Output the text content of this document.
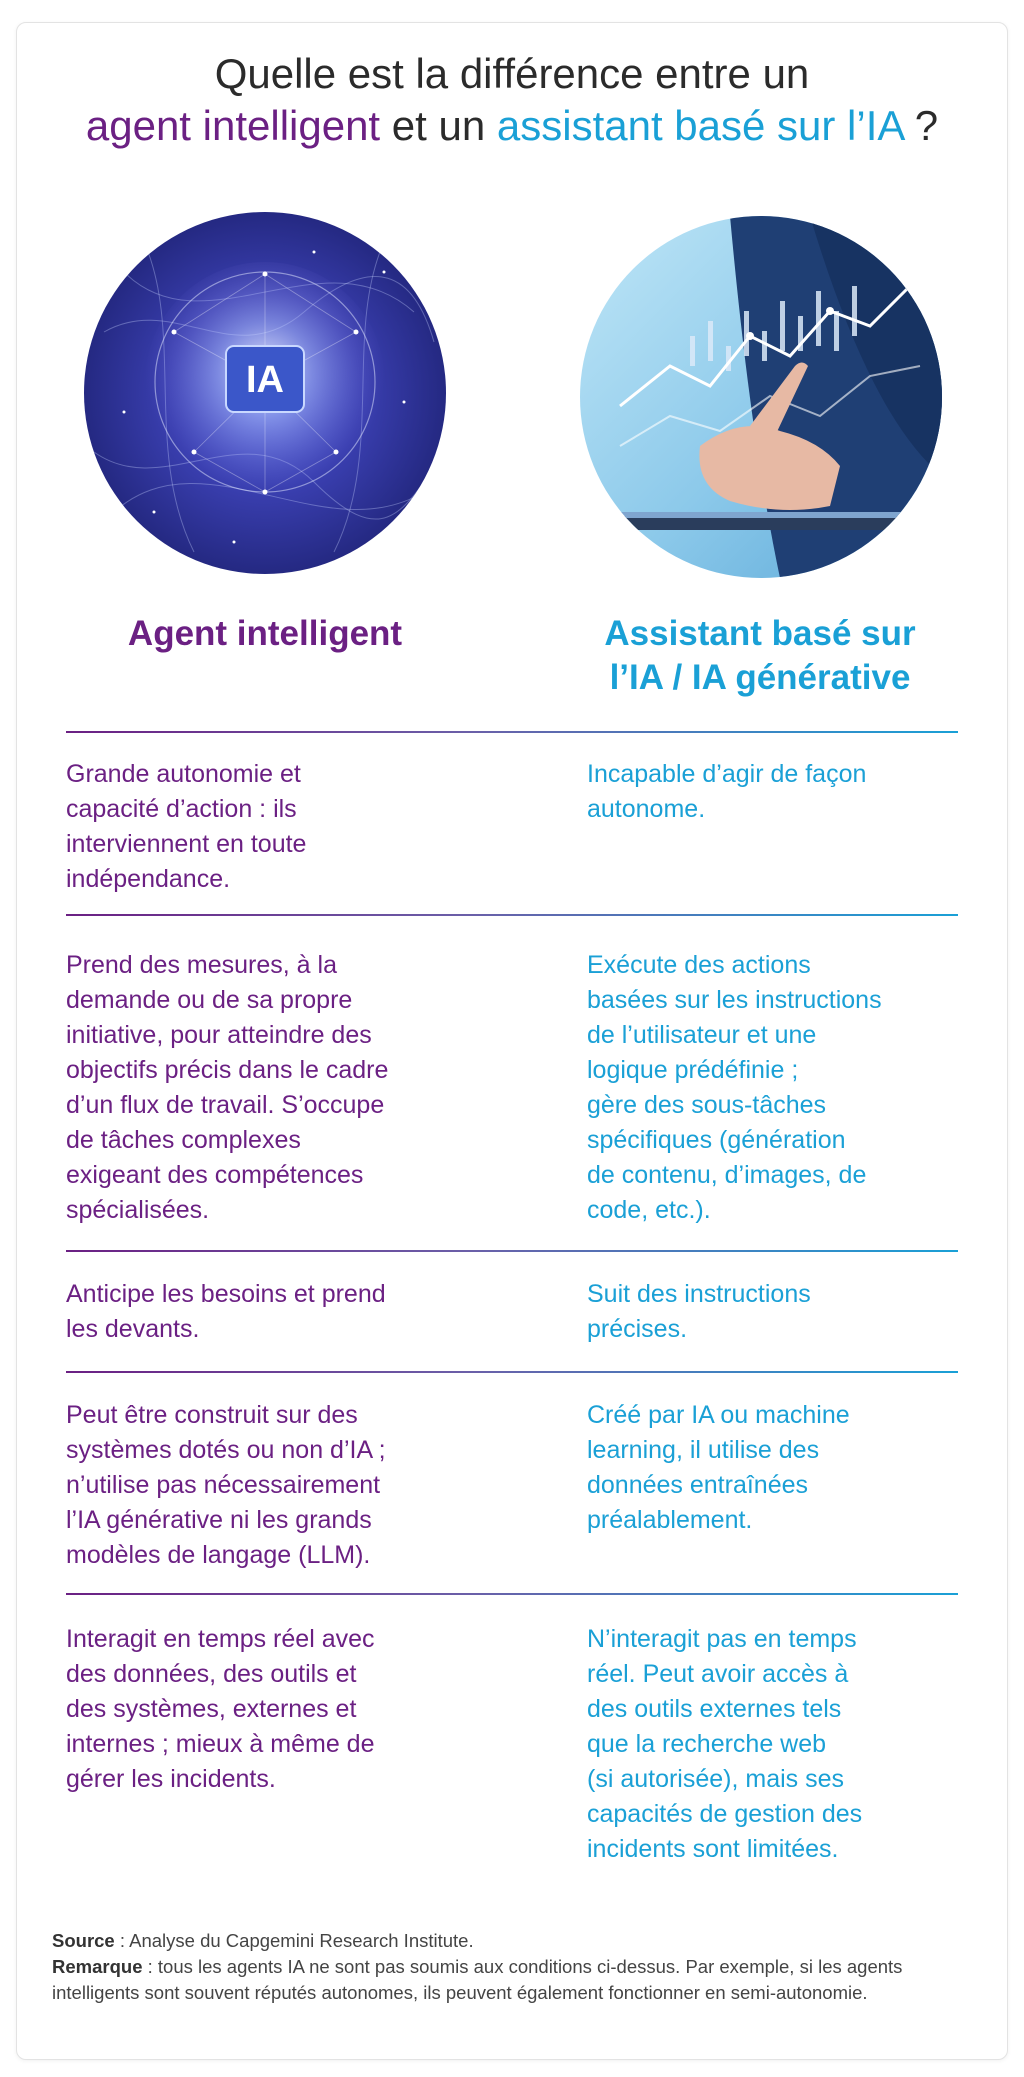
Quelle est la différence entre un
agent intelligent et un assistant basé sur l’IA ?
IA
Agent intelligent	Assistant basé sur
l’IA / IA générative
Grande autonomie et
capacité d’action : ils
interviennent en toute
indépendance.
Incapable d’agir de façon
autonome.
Prend des mesures, à la
demande ou de sa propre
initiative, pour atteindre des
objectifs précis dans le cadre
d’un flux de travail. S’occupe
de tâches complexes
exigeant des compétences
spécialisées.
Exécute des actions
basées sur les instructions
de l’utilisateur et une
logique prédéfinie ;
gère des sous-tâches
spécifiques (génération
de contenu, d’images, de
code, etc.).
Anticipe les besoins et prend
les devants.
Suit des instructions
précises.
Peut être construit sur des
systèmes dotés ou non d’IA ;
n’utilise pas nécessairement
l’IA générative ni les grands
modèles de langage (LLM).
Créé par IA ou machine
learning, il utilise des
données entraînées
préalablement.
Interagit en temps réel avec
des données, des outils et
des systèmes, externes et
internes ; mieux à même de
gérer les incidents.
N’interagit pas en temps
réel. Peut avoir accès à
des outils externes tels
que la recherche web
(si autorisée), mais ses
capacités de gestion des
incidents sont limitées.
Source : Analyse du Capgemini Research Institute.
Remarque : tous les agents IA ne sont pas soumis aux conditions ci-dessus. Par exemple, si les agents intelligents sont souvent réputés autonomes, ils peuvent également fonctionner en semi-autonomie.
